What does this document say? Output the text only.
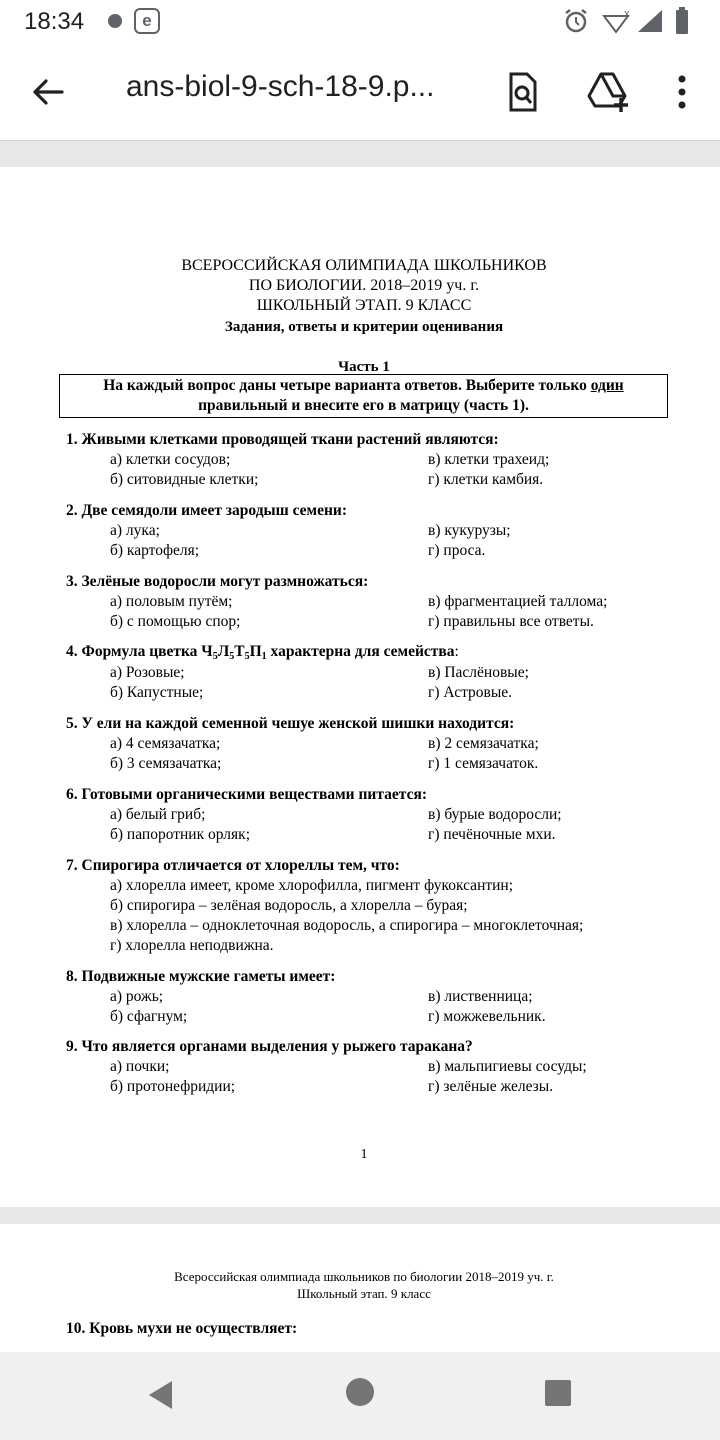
18:34	e	x
ans-biol-9-sch-18-9.p...
ВСЕРОССИЙСКАЯ ОЛИМПИАДА ШКОЛЬНИКОВ
ПО БИОЛОГИИ. 2018–2019 уч. г.
ШКОЛЬНЫЙ ЭТАП. 9 КЛАСС
Задания, ответы и критерии оценивания
Часть 1
На каждый вопрос даны четыре варианта ответов. Выберите только один
правильный и внесите его в матрицу (часть 1).
1. Живыми клетками проводящей ткани растений являются:
а) клетки сосудов;	в) клетки трахеид;
б) ситовидные клетки;	г) клетки камбия.
2. Две семядоли имеет зародыш семени:
а) лука;	в) кукурузы;
б) картофеля;	г) проса.
3. Зелёные водоросли могут размножаться:
а) половым путём;	в) фрагментацией таллома;
б) с помощью спор;	г) правильны все ответы.
4. Формула цветка $Ч_5Л_5Т_5П_1$ характерна для семейства:
а) Розовые;	в) Паслёновые;
б) Капустные;	г) Астровые.
5. У ели на каждой семенной чешуе женской шишки находится:
а) 4 семязачатка;	в) 2 семязачатка;
б) 3 семязачатка;	г) 1 семязачаток.
6. Готовыми органическими веществами питается:
а) белый гриб;	в) бурые водоросли;
б) папоротник орляк;	г) печёночные мхи.
7. Спирогира отличается от хлореллы тем, что:
а) хлорелла имеет, кроме хлорофилла, пигмент фукоксантин;
б) спирогира – зелёная водоросль, а хлорелла – бурая;
в) хлорелла – одноклеточная водоросль, а спирогира – многоклеточная;
г) хлорелла неподвижна.
8. Подвижные мужские гаметы имеет:
а) рожь;	в) лиственница;
б) сфагнум;	г) можжевельник.
9. Что является органами выделения у рыжего таракана?
а) почки;	в) мальпигиевы сосуды;
б) протонефридии;	г) зелёные железы.
1
Всероссийская олимпиада школьников по биологии 2018–2019 уч. г.
Школьный этап. 9 класс
10. Кровь мухи не осуществляет:
